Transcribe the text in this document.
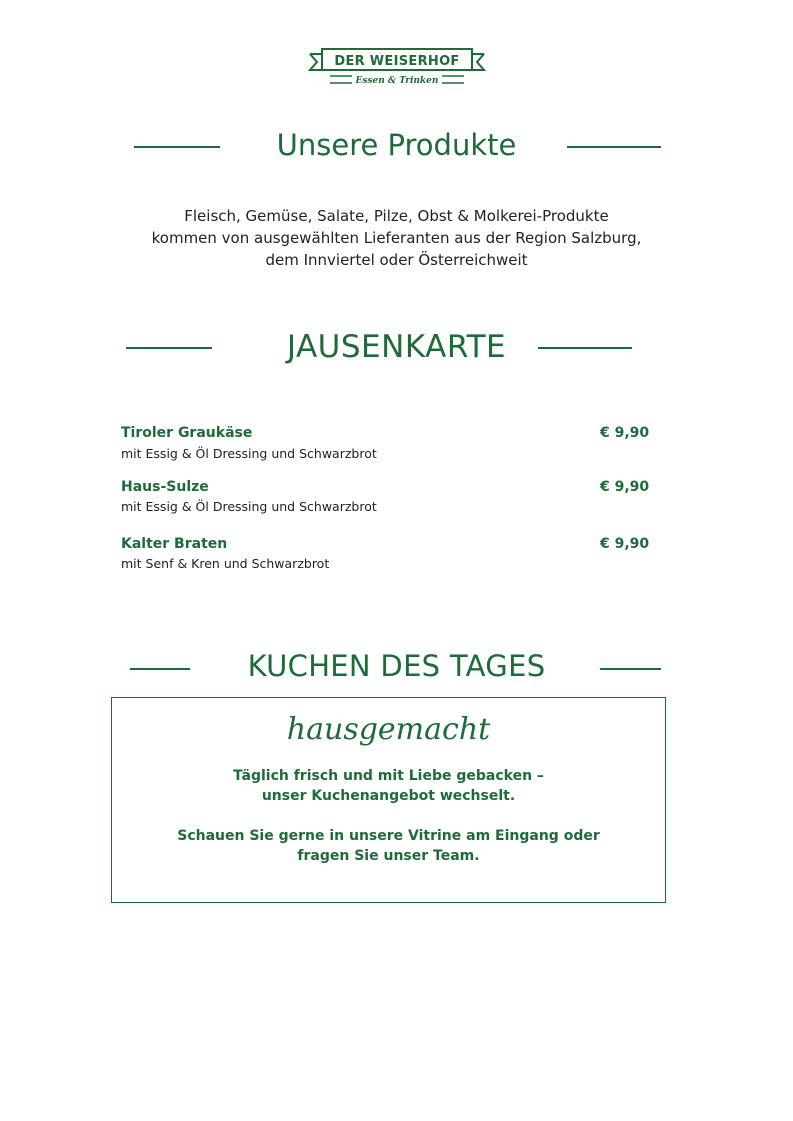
DER WEISERHOF
Essen & Trinken
Unsere Produkte

Fleisch, Gemüse, Salate, Pilze, Obst & Molkerei-Produkte
kommen von ausgewählten Lieferanten aus der Region Salzburg,
dem Innviertel oder Österreichweit

JAUSENKARTE
Tiroler Graukäse
mit Essig & Öl Dressing und Schwarzbrot
€ 9,90
Haus-Sulze
mit Essig & Öl Dressing und Schwarzbrot
€ 9,90
Kalter Braten
mit Senf & Kren und Schwarzbrot
€ 9,90
KUCHEN DES TAGES
hausgemacht
Täglich frisch und mit Liebe gebacken –
unser Kuchenangebot wechselt.
Schauen Sie gerne in unsere Vitrine am Eingang oder
fragen Sie unser Team.
